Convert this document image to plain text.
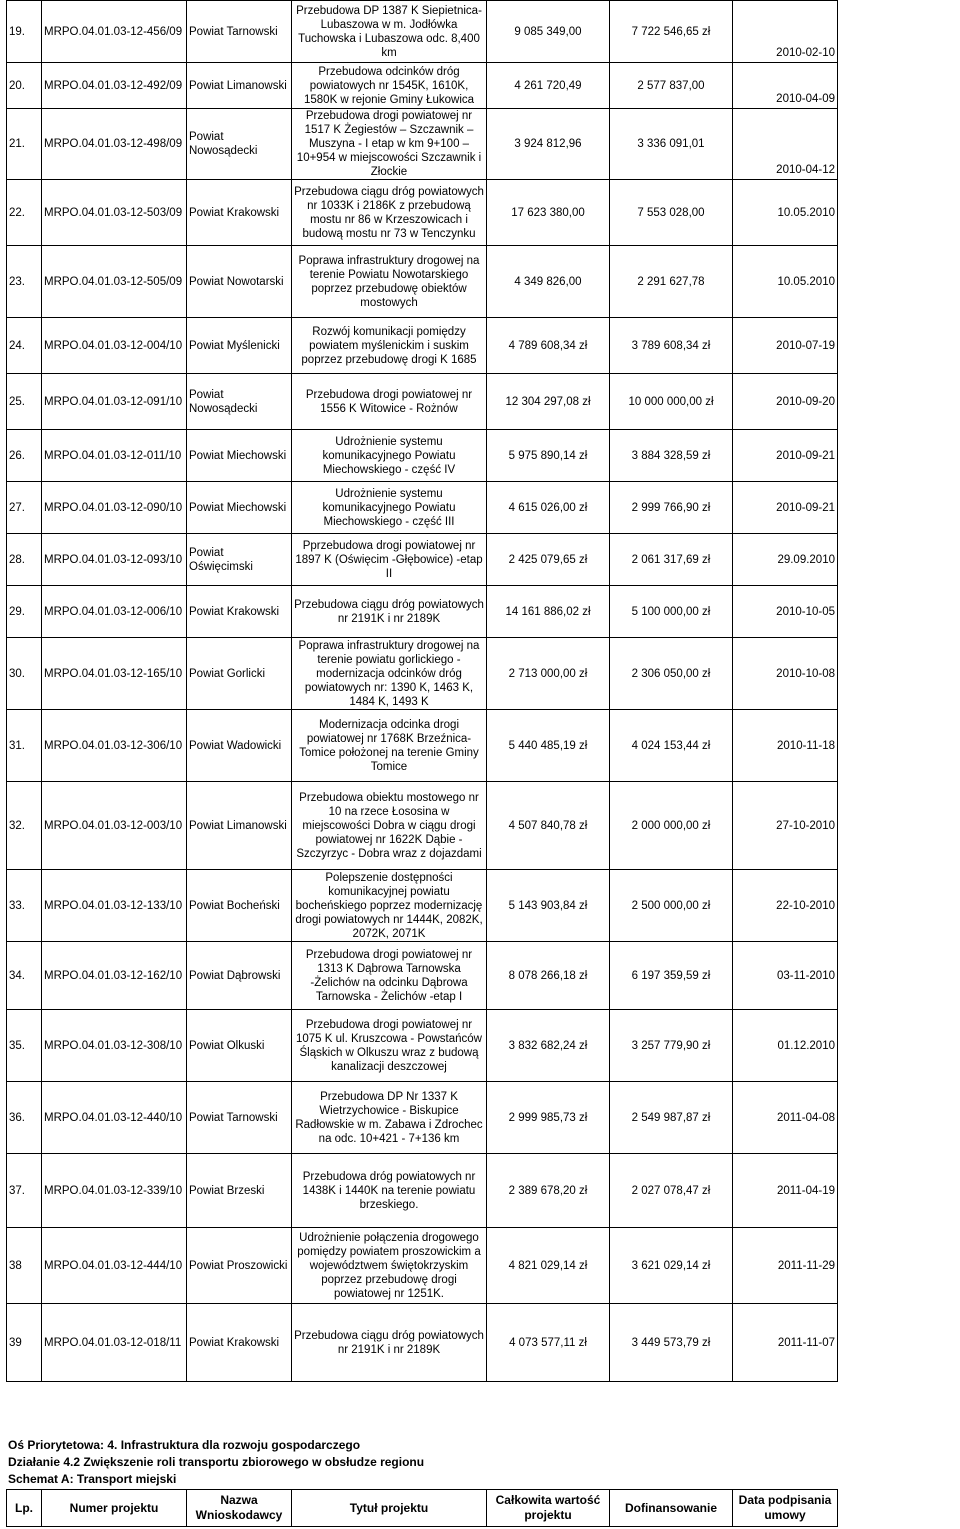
19.	MRPO.04.01.03-12-456/09	Powiat Tarnowski	Przebudowa DP 1387 K Siepietnica-Lubaszowa w m. Jodłówka Tuchowska i Lubaszowa odc. 8,400 km	9 085 349,00	7 722 546,65 zł	2010-02-10
20.	MRPO.04.01.03-12-492/09	Powiat Limanowski	Przebudowa odcinków dróg powiatowych nr 1545K, 1610K, 1580K w rejonie Gminy Łukowica	4 261 720,49	2 577 837,00	2010-04-09
21.	MRPO.04.01.03-12-498/09	Powiat Nowosądecki	Przebudowa drogi powiatowej nr 1517 K Żegiestów – Szczawnik – Muszyna - I etap w km 9+100 – 10+954 w miejscowości Szczawnik i Złockie	3 924 812,96	3 336 091,01	2010-04-12
22.	MRPO.04.01.03-12-503/09	Powiat Krakowski	Przebudowa ciągu dróg powiatowych nr 1033K i 2186K z przebudową mostu nr 86 w Krzeszowicach i budową mostu nr 73 w Tenczynku	17 623 380,00	7 553 028,00	10.05.2010
23.	MRPO.04.01.03-12-505/09	Powiat Nowotarski	Poprawa infrastruktury drogowej na terenie Powiatu Nowotarskiego poprzez przebudowę obiektów mostowych	4 349 826,00	2 291 627,78	10.05.2010
24.	MRPO.04.01.03-12-004/10	Powiat Myślenicki	Rozwój komunikacji pomiędzy powiatem myślenickim i suskim poprzez przebudowę drogi K 1685	4 789 608,34 zł	3 789 608,34 zł	2010-07-19
25.	MRPO.04.01.03-12-091/10	Powiat Nowosądecki	Przebudowa drogi powiatowej nr 1556 K Witowice - Rożnów	12 304 297,08 zł	10 000 000,00 zł	2010-09-20
26.	MRPO.04.01.03-12-011/10	Powiat Miechowski	Udrożnienie systemu komunikacyjnego Powiatu Miechowskiego - część IV	5 975 890,14 zł	3 884 328,59 zł	2010-09-21
27.	MRPO.04.01.03-12-090/10	Powiat Miechowski	Udrożnienie systemu komunikacyjnego Powiatu Miechowskiego - część III	4 615 026,00 zł	2 999 766,90 zł	2010-09-21
28.	MRPO.04.01.03-12-093/10	Powiat Oświęcimski	Pprzebudowa drogi powiatowej nr 1897 K (Oświęcim -Głębowice) -etap II	2 425 079,65 zł	2 061 317,69 zł	29.09.2010
29.	MRPO.04.01.03-12-006/10	Powiat Krakowski	Przebudowa ciągu dróg powiatowych nr 2191K i nr 2189K	14 161 886,02 zł	5 100 000,00 zł	2010-10-05
30.	MRPO.04.01.03-12-165/10	Powiat Gorlicki	Poprawa infrastruktury drogowej na terenie powiatu gorlickiego - modernizacja odcinków dróg powiatowych nr: 1390 K, 1463 K, 1484 K, 1493 K	2 713 000,00 zł	2 306 050,00 zł	2010-10-08
31.	MRPO.04.01.03-12-306/10	Powiat Wadowicki	Modernizacja odcinka drogi powiatowej nr 1768K Brzeźnica-Tomice położonej na terenie Gminy Tomice	5 440 485,19 zł	4 024 153,44 zł	2010-11-18
32.	MRPO.04.01.03-12-003/10	Powiat Limanowski	Przebudowa obiektu mostowego nr 10 na rzece Łososina w miejscowości Dobra w ciągu drogi powiatowej nr 1622K Dąbie - Szczyrzyc - Dobra wraz z dojazdami	4 507 840,78 zł	2 000 000,00 zł	27-10-2010
33.	MRPO.04.01.03-12-133/10	Powiat Bocheński	Polepszenie dostępności komunikacyjnej powiatu bocheńskiego poprzez modernizację drogi powiatowych nr 1444K, 2082K, 2072K, 2071K	5 143 903,84 zł	2 500 000,00 zł	22-10-2010
34.	MRPO.04.01.03-12-162/10	Powiat Dąbrowski	Przebudowa drogi powiatowej nr 1313 K Dąbrowa Tarnowska -Żelichów na odcinku Dąbrowa Tarnowska - Żelichów -etap I	8 078 266,18 zł	6 197 359,59 zł	03-11-2010
35.	MRPO.04.01.03-12-308/10	Powiat Olkuski	Przebudowa drogi powiatowej nr 1075 K ul. Kruszcowa - Powstańców Śląskich w Olkuszu wraz z budową kanalizacji deszczowej	3 832 682,24 zł	3 257 779,90 zł	01.12.2010
36.	MRPO.04.01.03-12-440/10	Powiat Tarnowski	Przebudowa DP Nr 1337 K Wietrzychowice - Biskupice Radłowskie w m. Zabawa i Zdrochec na odc. 10+421 - 7+136 km	2 999 985,73 zł	2 549 987,87 zł	2011-04-08
37.	MRPO.04.01.03-12-339/10	Powiat Brzeski	Przebudowa dróg powiatowych nr 1438K i 1440K na terenie powiatu brzeskiego.	2 389 678,20 zł	2 027 078,47 zł	2011-04-19
38	MRPO.04.01.03-12-444/10	Powiat Proszowicki	Udrożnienie połączenia drogowego pomiędzy powiatem proszowickim a województwem świętokrzyskim poprzez przebudowę drogi powiatowej nr 1251K.	4 821 029,14 zł	3 621 029,14 zł	2011-11-29
39	MRPO.04.01.03-12-018/11	Powiat Krakowski	Przebudowa ciągu dróg powiatowych nr 2191K i nr 2189K	4 073 577,11 zł	3 449 573,79 zł	2011-11-07
Oś Priorytetowa: 4. Infrastruktura dla rozwoju gospodarczego
Działanie 4.2 Zwiększenie roli transportu zbiorowego w obsłudze regionu
Schemat A: Transport miejski
Lp.	Numer projektu	Nazwa Wnioskodawcy	Tytuł projektu	Całkowita wartość projektu	Dofinansowanie	Data podpisania umowy
